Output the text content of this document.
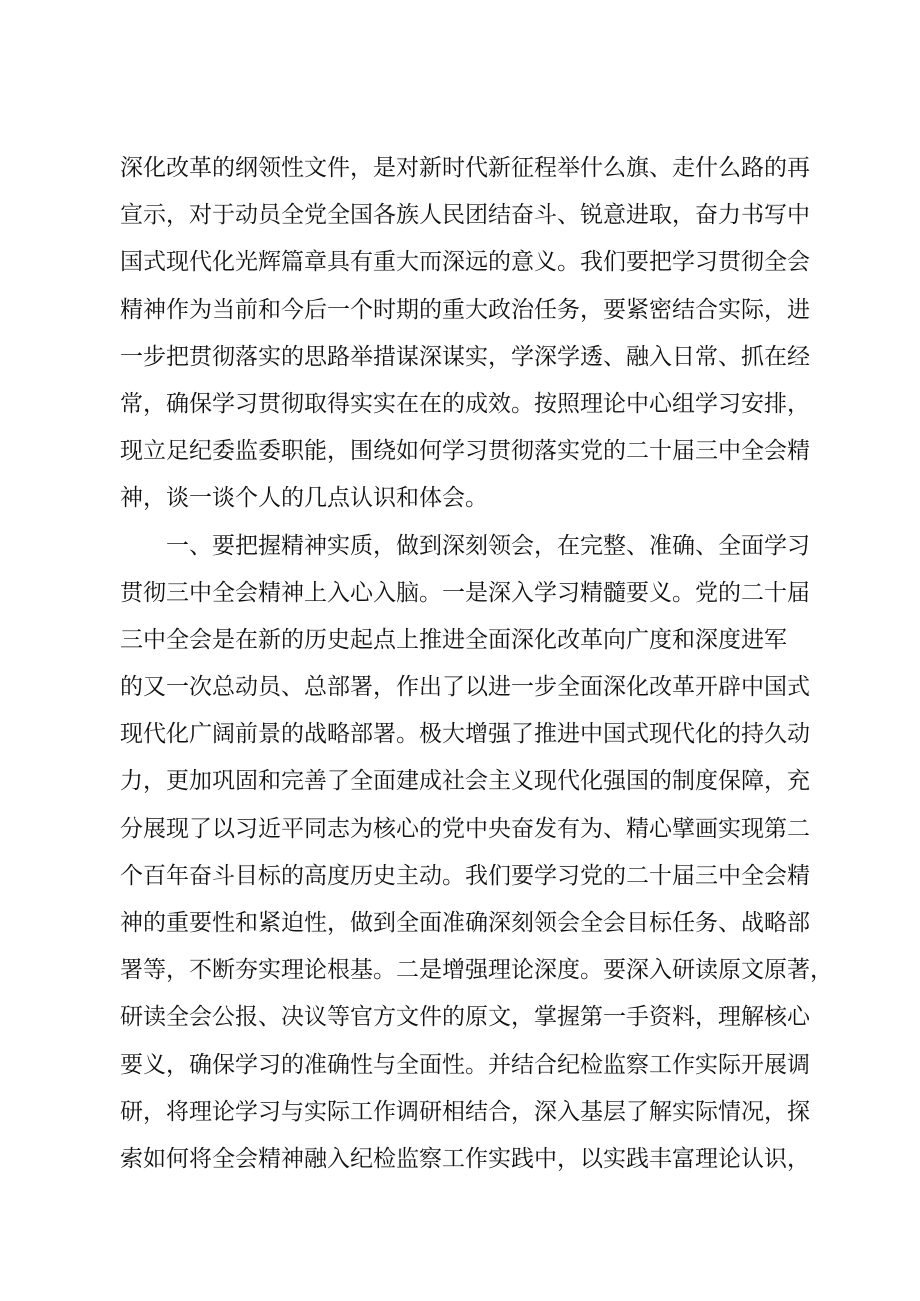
深化改革的纲领性文件，是对新时代新征程举什么旗、走什么路的再
宣示，对于动员全党全国各族人民团结奋斗、锐意进取，奋力书写中
国式现代化光辉篇章具有重大而深远的意义。我们要把学习贯彻全会
精神作为当前和今后一个时期的重大政治任务，要紧密结合实际，进
一步把贯彻落实的思路举措谋深谋实，学深学透、融入日常、抓在经
常，确保学习贯彻取得实实在在的成效。按照理论中心组学习安排，
现立足纪委监委职能，围绕如何学习贯彻落实党的二十届三中全会精
神，谈一谈个人的几点认识和体会。
　　一、要把握精神实质，做到深刻领会，在完整、准确、全面学习
贯彻三中全会精神上入心入脑。一是深入学习精髓要义。党的二十届
三中全会是在新的历史起点上推进全面深化改革向广度和深度进军
的又一次总动员、总部署，作出了以进一步全面深化改革开辟中国式
现代化广阔前景的战略部署。极大增强了推进中国式现代化的持久动
力，更加巩固和完善了全面建成社会主义现代化强国的制度保障，充
分展现了以习近平同志为核心的党中央奋发有为、精心擘画实现第二
个百年奋斗目标的高度历史主动。我们要学习党的二十届三中全会精
神的重要性和紧迫性，做到全面准确深刻领会全会目标任务、战略部
署等，不断夯实理论根基。二是增强理论深度。要深入研读原文原著，
研读全会公报、决议等官方文件的原文，掌握第一手资料，理解核心
要义，确保学习的准确性与全面性。并结合纪检监察工作实际开展调
研，将理论学习与实际工作调研相结合，深入基层了解实际情况，探
索如何将全会精神融入纪检监察工作实践中，以实践丰富理论认识，
